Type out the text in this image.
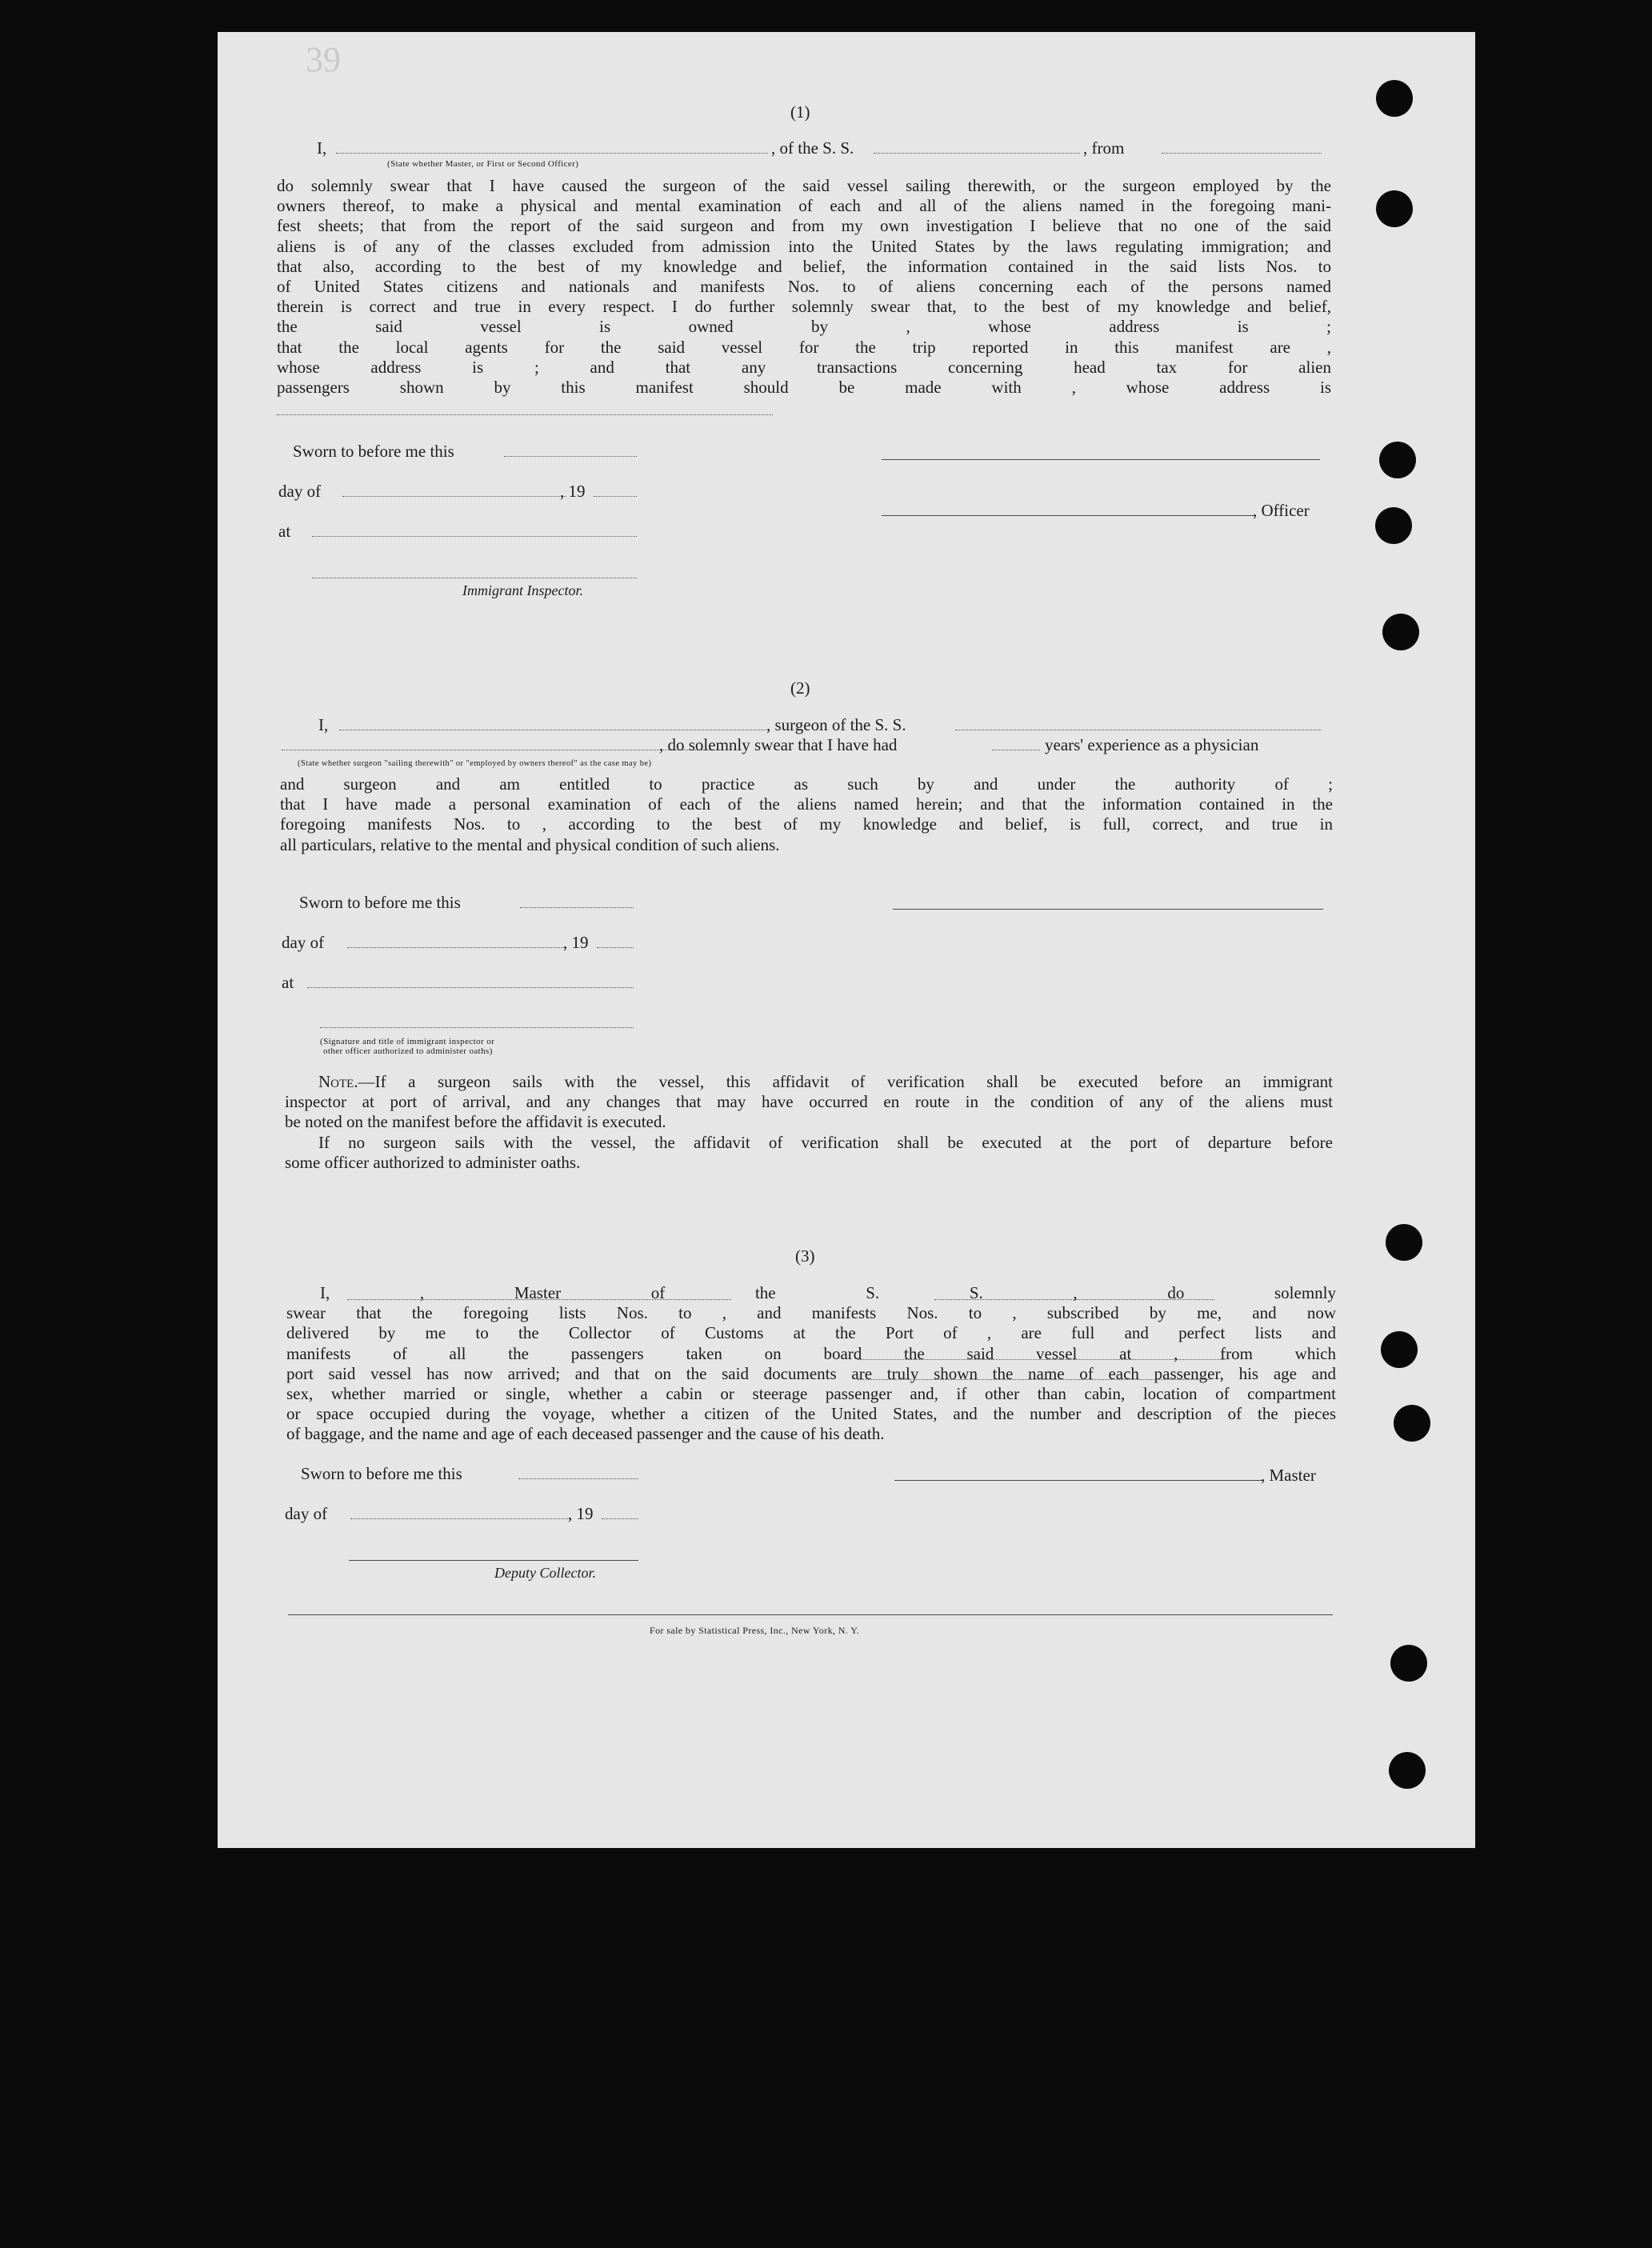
39
(1)
I,	, of the S. S.	, from
(State whether Master, or First or Second Officer)
do solemnly swear that I have caused the surgeon of the said vessel sailing therewith, or the surgeon employed by the
owners thereof, to make a physical and mental examination of each and all of the aliens named in the foregoing mani-
fest sheets; that from the report of the said surgeon and from my own investigation I believe that no one of the said
aliens is of any of the classes excluded from admission into the United States by the laws regulating immigration; and
that also, according to the best of my knowledge and belief, the information contained in the said lists Nos. to
of United States citizens and nationals and manifests Nos. to of aliens concerning each of the persons named
therein is correct and true in every respect. I do further solemnly swear that, to the best of my knowledge and belief,
the said vessel is owned by , whose address is ;
that the local agents for the said vessel for the trip reported in this manifest are ,
whose address is ; and that any transactions concerning head tax for alien
passengers shown by this manifest should be made with , whose address is
Sworn to before me this
day of	, 19
, Officer
at
Immigrant Inspector.
(2)
I,	, surgeon of the S. S.
, do solemnly swear that I have had	years' experience as a physician
(State whether surgeon "sailing therewith" or "employed by owners thereof" as the case may be)
and surgeon and am entitled to practice as such by and under the authority of ;
that I have made a personal examination of each of the aliens named herein; and that the information contained in the
foregoing manifests Nos. to , according to the best of my knowledge and belief, is full, correct, and true in
all particulars, relative to the mental and physical condition of such aliens.
Sworn to before me this
day of	, 19
at
(Signature and title of immigrant inspector or
other officer authorized to administer oaths)
Note.—If a surgeon sails with the vessel, this affidavit of verification shall be executed before an immigrant
inspector at port of arrival, and any changes that may have occurred en route in the condition of any of the aliens must
be noted on the manifest before the affidavit is executed.
If no surgeon sails with the vessel, the affidavit of verification shall be executed at the port of departure before
some officer authorized to administer oaths.
(3)
I, , Master of the S. S. , do solemnly
swear that the foregoing lists Nos. to , and manifests Nos. to , subscribed by me, and now
delivered by me to the Collector of Customs at the Port of , are full and perfect lists and
manifests of all the passengers taken on board the said vessel at , from which
port said vessel has now arrived; and that on the said documents are truly shown the name of each passenger, his age and
sex, whether married or single, whether a cabin or steerage passenger and, if other than cabin, location of compartment
or space occupied during the voyage, whether a citizen of the United States, and the number and description of the pieces
of baggage, and the name and age of each deceased passenger and the cause of his death.
Sworn to before me this	, Master
day of	, 19
Deputy Collector.
For sale by Statistical Press, Inc., New York, N. Y.
